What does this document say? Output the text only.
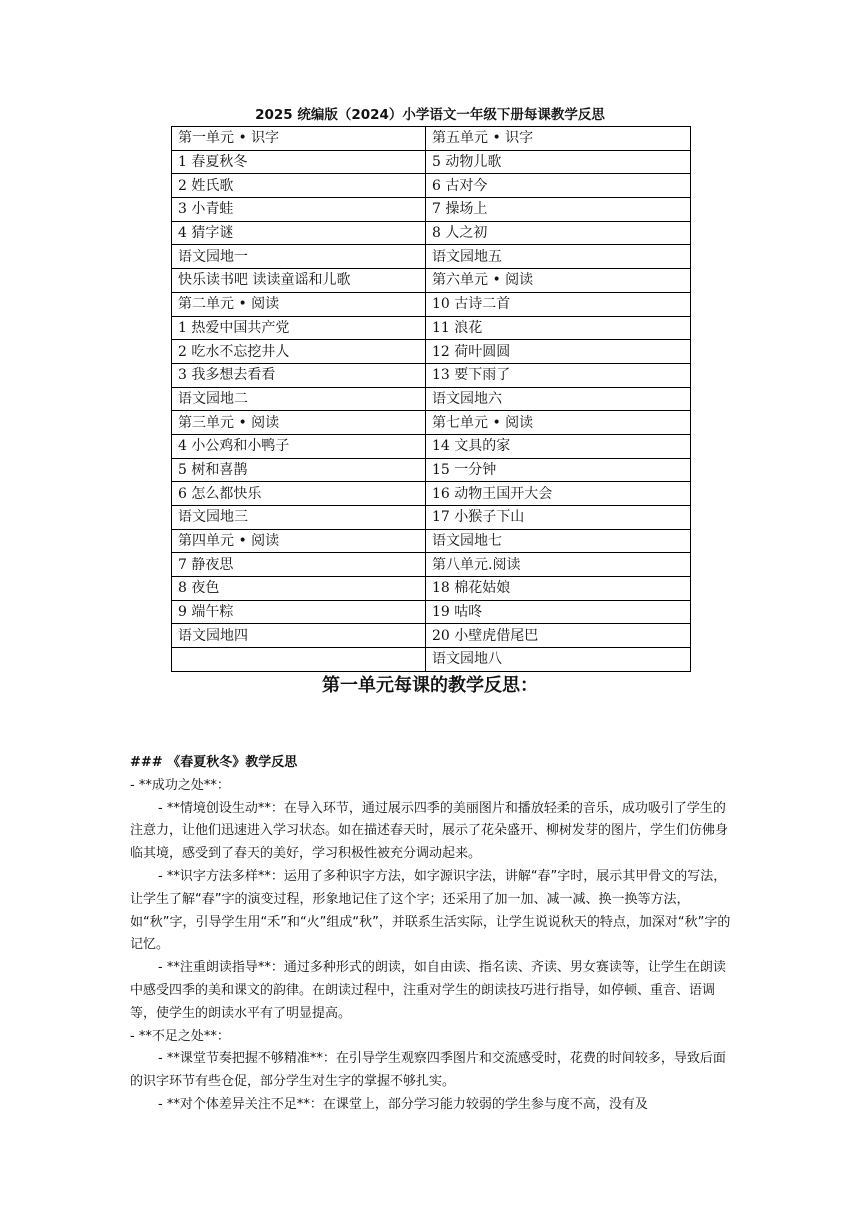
2025 统编版（2024）小学语文一年级下册每课教学反思
第一单元 • 识字	第五单元 • 识字
1 春夏秋冬	5 动物儿歌
2 姓氏歌	6 古对今
3 小青蛙	7 操场上
4 猜字谜	8 人之初
语文园地一	语文园地五
快乐读书吧 读读童谣和儿歌	第六单元 • 阅读
第二单元 • 阅读	10 古诗二首
1 热爱中国共产党	11 浪花
2 吃水不忘挖井人	12 荷叶圆圆
3 我多想去看看	13 要下雨了
语文园地二	语文园地六
第三单元 • 阅读	第七单元 • 阅读
4 小公鸡和小鸭子	14 文具的家
5 树和喜鹊	15 一分钟
6 怎么都快乐	16 动物王国开大会
语文园地三	17 小猴子下山
第四单元 • 阅读	语文园地七
7 静夜思	第八单元.阅读
8 夜色	18 棉花姑娘
9 端午粽	19 咕咚
语文园地四	20 小壁虎借尾巴
	语文园地八
第一单元每课的教学反思：

### 《春夏秋冬》教学反思

- **成功之处**：

- **情境创设生动**：在导入环节，通过展示四季的美丽图片和播放轻柔的音乐，成功吸引了学生的注意力，让他们迅速进入学习状态。如在描述春天时，展示了花朵盛开、柳树发芽的图片，学生们仿佛身临其境，感受到了春天的美好，学习积极性被充分调动起来。

- **识字方法多样**：运用了多种识字方法，如字源识字法，讲解“春”字时，展示其甲骨文的写法，让学生了解“春”字的演变过程，形象地记住了这个字；还采用了加一加、减一减、换一换等方法，如“秋”字，引导学生用“禾”和“火”组成“秋”，并联系生活实际，让学生说说秋天的特点，加深对“秋”字的记忆。

- **注重朗读指导**：通过多种形式的朗读，如自由读、指名读、齐读、男女赛读等，让学生在朗读中感受四季的美和课文的韵律。在朗读过程中，注重对学生的朗读技巧进行指导，如停顿、重音、语调等，使学生的朗读水平有了明显提高。

- **不足之处**：

- **课堂节奏把握不够精准**：在引导学生观察四季图片和交流感受时，花费的时间较多，导致后面的识字环节有些仓促，部分学生对生字的掌握不够扎实。

- **对个体差异关注不足**：在课堂上，部分学习能力较弱的学生参与度不高，没有及
